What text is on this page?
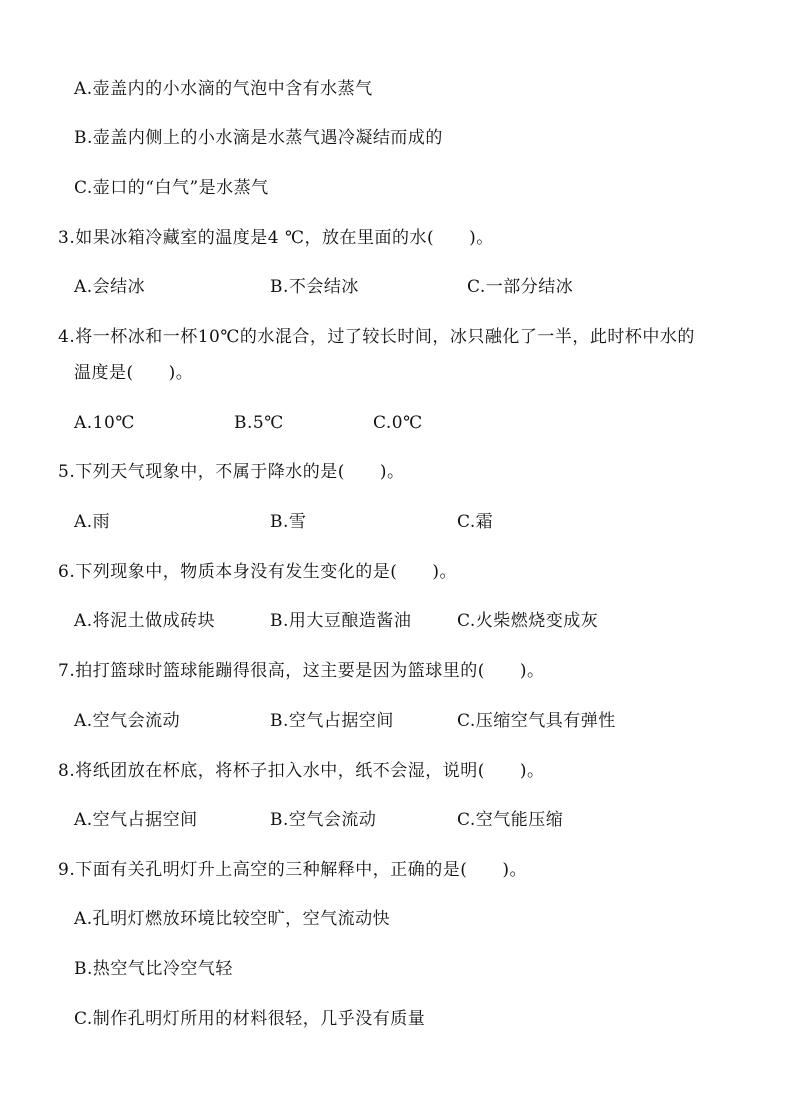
A.壶盖内的小水滴的气泡中含有水蒸气
B.壶盖内侧上的小水滴是水蒸气遇冷凝结而成的
C.壶口的“白气”是水蒸气
3.如果冰箱冷藏室的温度是4 ℃，放在里面的水(　　)。
A.会结冰	B.不会结冰	C.一部分结冰
4.将一杯冰和一杯10℃的水混合，过了较长时间，冰只融化了一半，此时杯中水的
温度是(　　)。
A.10℃	B.5℃	C.0℃
5.下列天气现象中，不属于降水的是(　　)。
A.雨	B.雪	C.霜
6.下列现象中，物质本身没有发生变化的是(　　)。
A.将泥土做成砖块	B.用大豆酿造酱油	C.火柴燃烧变成灰
7.拍打篮球时篮球能蹦得很高，这主要是因为篮球里的(　　)。
A.空气会流动	B.空气占据空间	C.压缩空气具有弹性
8.将纸团放在杯底，将杯子扣入水中，纸不会湿，说明(　　)。
A.空气占据空间	B.空气会流动	C.空气能压缩
9.下面有关孔明灯升上高空的三种解释中，正确的是(　　)。
A.孔明灯燃放环境比较空旷，空气流动快
B.热空气比冷空气轻
C.制作孔明灯所用的材料很轻，几乎没有质量
